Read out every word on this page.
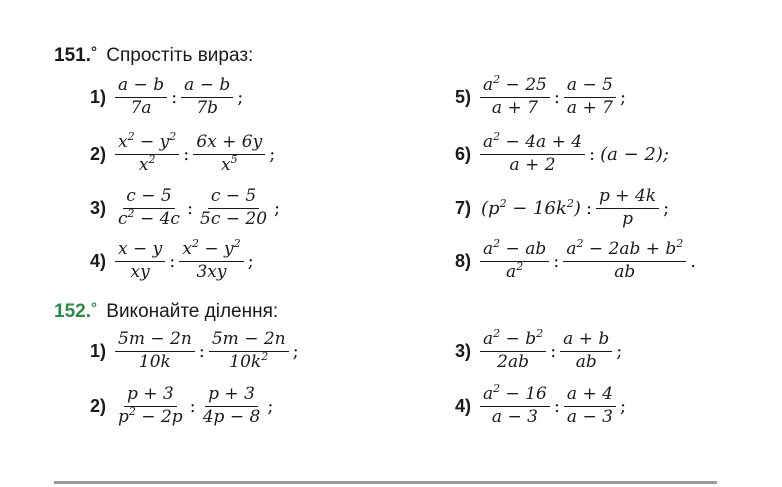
151.° Спростіть вираз:
152.° Виконайте ділення:
$1) \frac{a - b}{7a}$ : $\frac{a - b}{7b}$ ;
$2) \frac{x^2 - y^2}{x^2}$ : $\frac{6x + 6y}{x^5}$ ;
$3) \frac{c - 5}{c^2 - 4c}$ : $\frac{c - 5}{5c - 20}$ ;
$4) \frac{x - y}{xy}$ : $\frac{x^2 - y^2}{3xy}$ ;
$5) \frac{a^2 - 25}{a + 7}$ : $\frac{a - 5}{a + 7}$ ;
$6) \frac{a^2 - 4a + 4}{a + 2}$ : (a − 2);
7) $(p^2 - 16k^2)$ : $\frac{p + 4k}{p}$ ;
$8) \frac{a^2 - ab}{a^2}$ : $\frac{a^2 - 2ab + b^2}{ab}$ .
$1) \frac{5m - 2n}{10k}$ : $\frac{5m - 2n}{10k^2}$ ;
$2) \frac{p + 3}{p^2 - 2p}$ : $\frac{p + 3}{4p - 8}$ ;
$3) \frac{a^2 - b^2}{2ab}$ : $\frac{a + b}{ab}$ ;
$4) \frac{a^2 - 16}{a - 3}$ : $\frac{a + 4}{a - 3}$ ;
